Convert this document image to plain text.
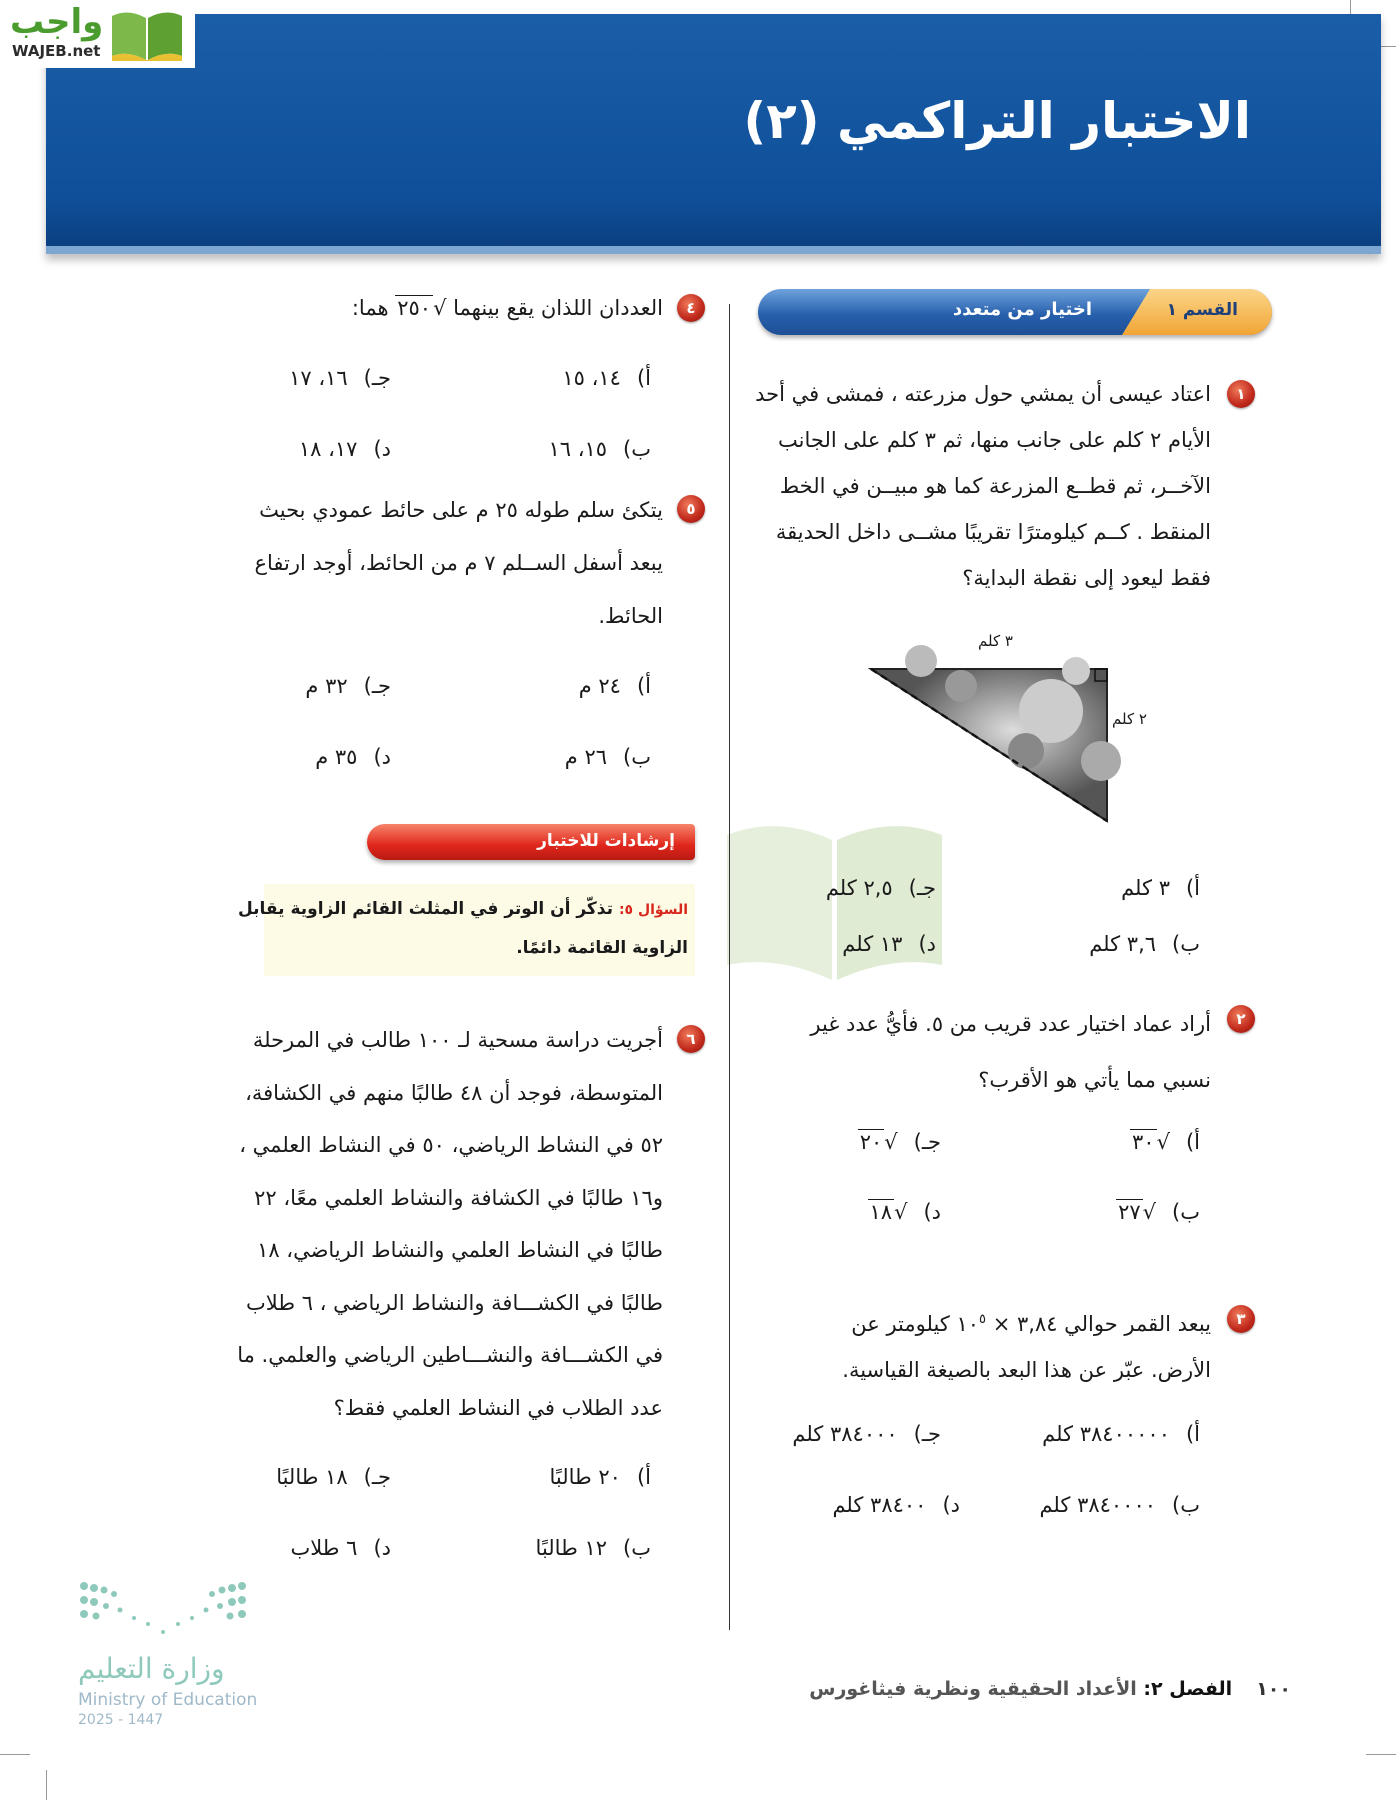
الاختبار التراكمي (٢)
واجب
WAJEB.net
القسم ١
اختيار من متعدد
١
اعتاد عيسى أن يمشي حول مزرعته ، فمشى في أحد
الأيام ٢ كلم على جانب منها، ثم ٣ كلم على الجانب
الآخــر، ثم قطــع المزرعة كما هو مبيــن في الخط
المنقط . كــم كيلومترًا تقريبًا مشــى داخل الحديقة
فقط ليعود إلى نقطة البداية؟
٣ كلم
٢ كلم
أ)٣ كلم
ب)٣,٦ كلم
جـ)٢,٥ كلم
د)١٣ كلم
٢
أراد عماد اختيار عدد قريب من ٥. فأيُّ عدد غير
نسبي مما يأتي هو الأقرب؟
أ)√٣٠
ب)√٢٧
جـ)√٢٠
د)√١٨
٣
يبعد القمر حوالي ٣,٨٤ × $١٠^٥$ كيلومتر عن
الأرض. عبّر عن هذا البعد بالصيغة القياسية.
أ)٣٨٤٠٠٠٠٠ كلم
ب)٣٨٤٠٠٠٠ كلم
جـ)٣٨٤٠٠٠ كلم
د)٣٨٤٠٠ كلم
٤
العددان اللذان يقع بينهما √٢٥٠ هما:
أ)١٤، ١٥
ب)١٥، ١٦
جـ)١٦، ١٧
د)١٧، ١٨
٥
يتكئ سلم طوله ٢٥ م على حائط عمودي بحيث
يبعد أسفل الســلم ٧ م من الحائط، أوجد ارتفاع
الحائط.
أ)٢٤ م
ب)٢٦ م
جـ)٣٢ م
د)٣٥ م
إرشادات للاختبار
السؤال ٥: تذكّر أن الوتر في المثلث القائم الزاوية يقابل
الزاوية القائمة دائمًا.
٦
أجريت دراسة مسحية لـ ١٠٠ طالب في المرحلة
المتوسطة، فوجد أن ٤٨ طالبًا منهم في الكشافة،
٥٢ في النشاط الرياضي، ٥٠ في النشاط العلمي ،
و١٦ طالبًا في الكشافة والنشاط العلمي معًا، ٢٢
طالبًا في النشاط العلمي والنشاط الرياضي، ١٨
طالبًا في الكشـــافة والنشاط الرياضي ، ٦ طلاب
في الكشـــافة والنشـــاطين الرياضي والعلمي. ما
عدد الطلاب في النشاط العلمي فقط؟
أ)٢٠ طالبًا
ب)١٢ طالبًا
جـ)١٨ طالبًا
د)٦ طلاب
وزارة التعليم
Ministry of Education
2025 - 1447
١٠٠الفصل ٢: الأعداد الحقيقية ونظرية فيثاغورس
